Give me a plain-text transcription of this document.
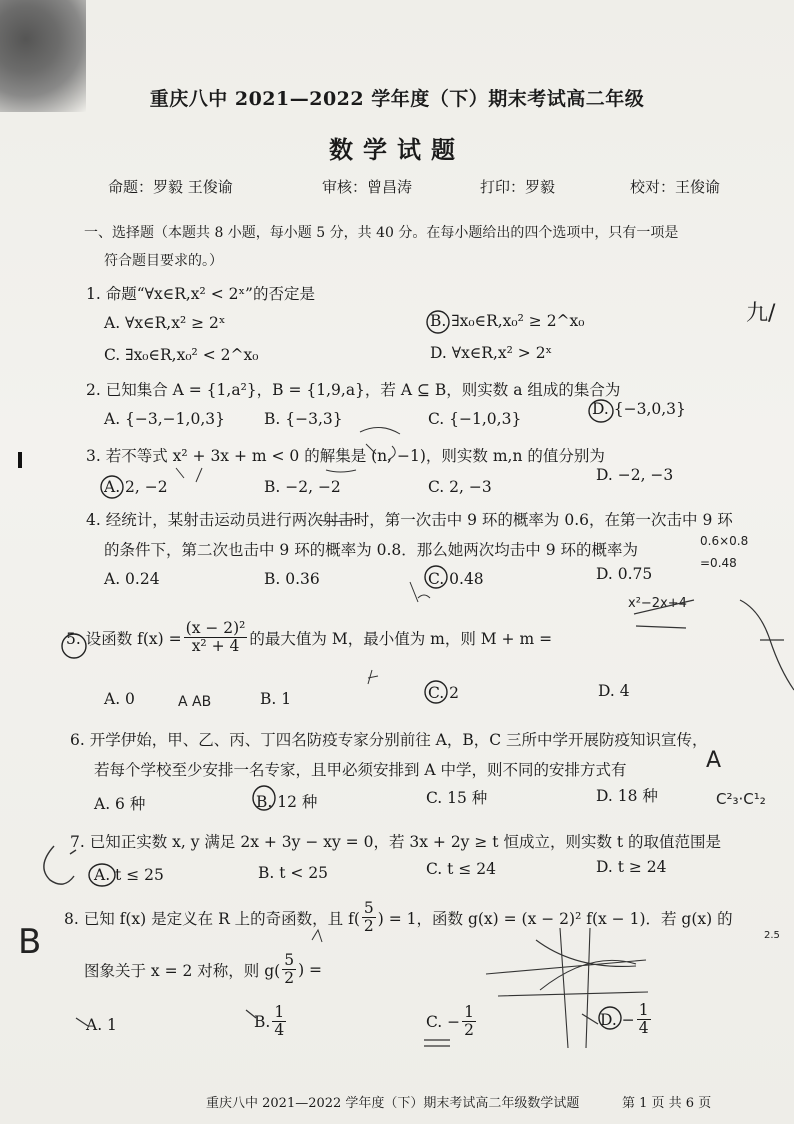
重庆八中 2021—2022 学年度（下）期末考试高二年级
数学试题
命题：罗毅 王俊谕	审核：曾昌涛	打印：罗毅	校对：王俊谕
一、选择题（本题共 8 小题，每小题 5 分，共 40 分。在每小题给出的四个选项中，只有一项是
符合题目要求的。）
1. 命题“∀x∈R,x² < 2ˣ”的否定是
A. ∀x∈R,x² ≥ 2ˣ	B. ∃x₀∈R,x₀² ≥ 2^x₀
C. ∃x₀∈R,x₀² < 2^x₀	D. ∀x∈R,x² > 2ˣ
2. 已知集合 A = {1,a²}，B = {1,9,a}，若 A ⊆ B，则实数 a 组成的集合为
A. {−3,−1,0,3}	B. {−3,3}	C. {−1,0,3}
D. {−3,0,3}
3. 若不等式 x² + 3x + m < 0 的解集是 (n, −1)，则实数 m,n 的值分别为
A. 2, −2	B. −2, −2	C. 2, −3
D. −2, −3
4. 经统计，某射击运动员进行两次射击时，第一次击中 9 环的概率为 0.6，在第一次击中 9 环
的条件下，第二次也击中 9 环的概率为 0.8．那么她两次均击中 9 环的概率为
A. 0.24	B. 0.36	C. 0.48	D. 0.75
5. 设函数 $f(x) = \frac{\text{(x − 2)²}}{\text{x² + 4}}$ 的最大值为 M，最小值为 m，则 M + m =
A. 0	B. 1	C. 2	D. 4
6. 开学伊始，甲、乙、丙、丁四名防疫专家分别前往 A，B，C 三所中学开展防疫知识宣传，
若每个学校至少安排一名专家，且甲必须安排到 A 中学，则不同的安排方式有
A. 6 种	B. 12 种	C. 15 种	D. 18 种
7. 已知正实数 x, y 满足 2x + 3y − xy = 0，若 3x + 2y ≥ t 恒成立，则实数 t 的取值范围是
A. t ≤ 25	B. t < 25	C. t ≤ 24	D. t ≥ 24
8. 已知 f(x) 是定义在 R 上的奇函数，且 $f( \frac{5}{2}$ ) = 1，函数 g(x) = (x − 2)² f(x − 1)．若 g(x) 的
图象关于 x = 2 对称，则 $g( \frac{5}{2}$ ) =
A. 1	B. $\frac{1}{4}$	C. − $\frac{1}{2}$	D. − $\frac{1}{4}$
九/
0.6×0.8
=0.48
x²−2x+4
A AB
A
C²₃·C¹₂
2.5
B
重庆八中 2021—2022 学年度（下）期末考试高二年级数学试题	第 1 页 共 6 页
